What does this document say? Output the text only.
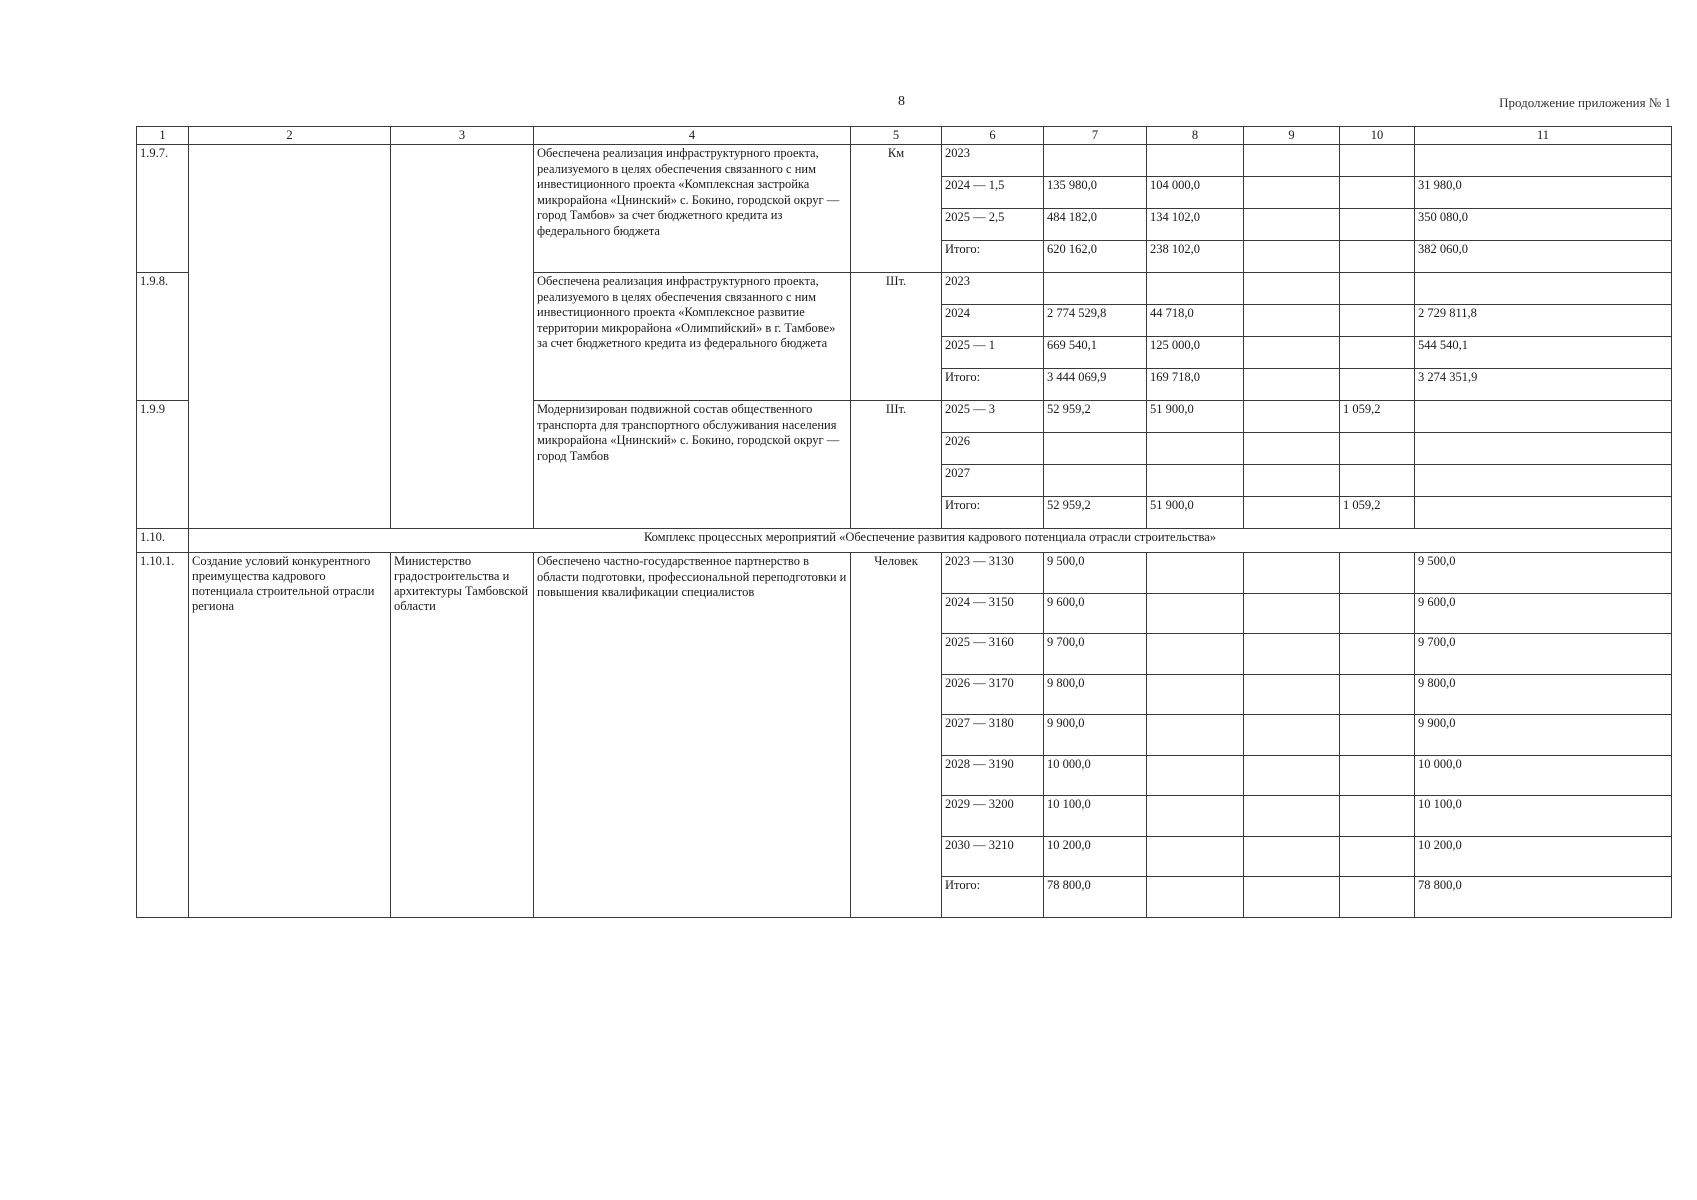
8	Продолжение приложения № 1
1	2	3	4	5	6	7	8	9	10	11
1.9.7.			Обеспечена реализация инфраструктурного проекта, реализуемого в целях обеспечения связанного с ним инвестиционного проекта «Комплексная застройка микрорайона «Цнинский» с. Бокино, городской округ — город Тамбов» за счет бюджетного кредита из федерального бюджета	Км	2023					
					2024 — 1,5	135 980,0	104 000,0			31 980,0
					2025 — 2,5	484 182,0	134 102,0			350 080,0
					Итого:	620 162,0	238 102,0			382 060,0
1.9.8.			Обеспечена реализация инфраструктурного проекта, реализуемого в целях обеспечения связанного с ним инвестиционного проекта «Комплексное развитие территории микрорайона «Олимпийский» в г. Тамбове» за счет бюджетного кредита из федерального бюджета	Шт.	2023					
					2024	2 774 529,8	44 718,0			2 729 811,8
					2025 — 1	669 540,1	125 000,0			544 540,1
					Итого:	3 444 069,9	169 718,0			3 274 351,9
1.9.9			Модернизирован подвижной состав общественного транспорта для транспортного обслуживания населения микрорайона «Цнинский» с. Бокино, городской округ — город Тамбов	Шт.	2025 — 3	52 959,2	51 900,0		1 059,2	
					2026					
					2027					
					Итого:	52 959,2	51 900,0		1 059,2	
1.10.	Комплекс процессных мероприятий «Обеспечение развития кадрового потенциала отрасли строительства»									
1.10.1.	Создание условий конкурентного преимущества кадрового потенциала строительной отрасли региона	Министерство градостроительства и архитектуры Тамбовской области	Обеспечено частно-государственное партнерство в области подготовки, профессиональной переподготовки и повышения квалификации специалистов	Человек	2023 — 3130	9 500,0				9 500,0
					2024 — 3150	9 600,0				9 600,0
					2025 — 3160	9 700,0				9 700,0
					2026 — 3170	9 800,0				9 800,0
					2027 — 3180	9 900,0				9 900,0
					2028 — 3190	10 000,0				10 000,0
					2029 — 3200	10 100,0				10 100,0
					2030 — 3210	10 200,0				10 200,0
					Итого:	78 800,0				78 800,0
